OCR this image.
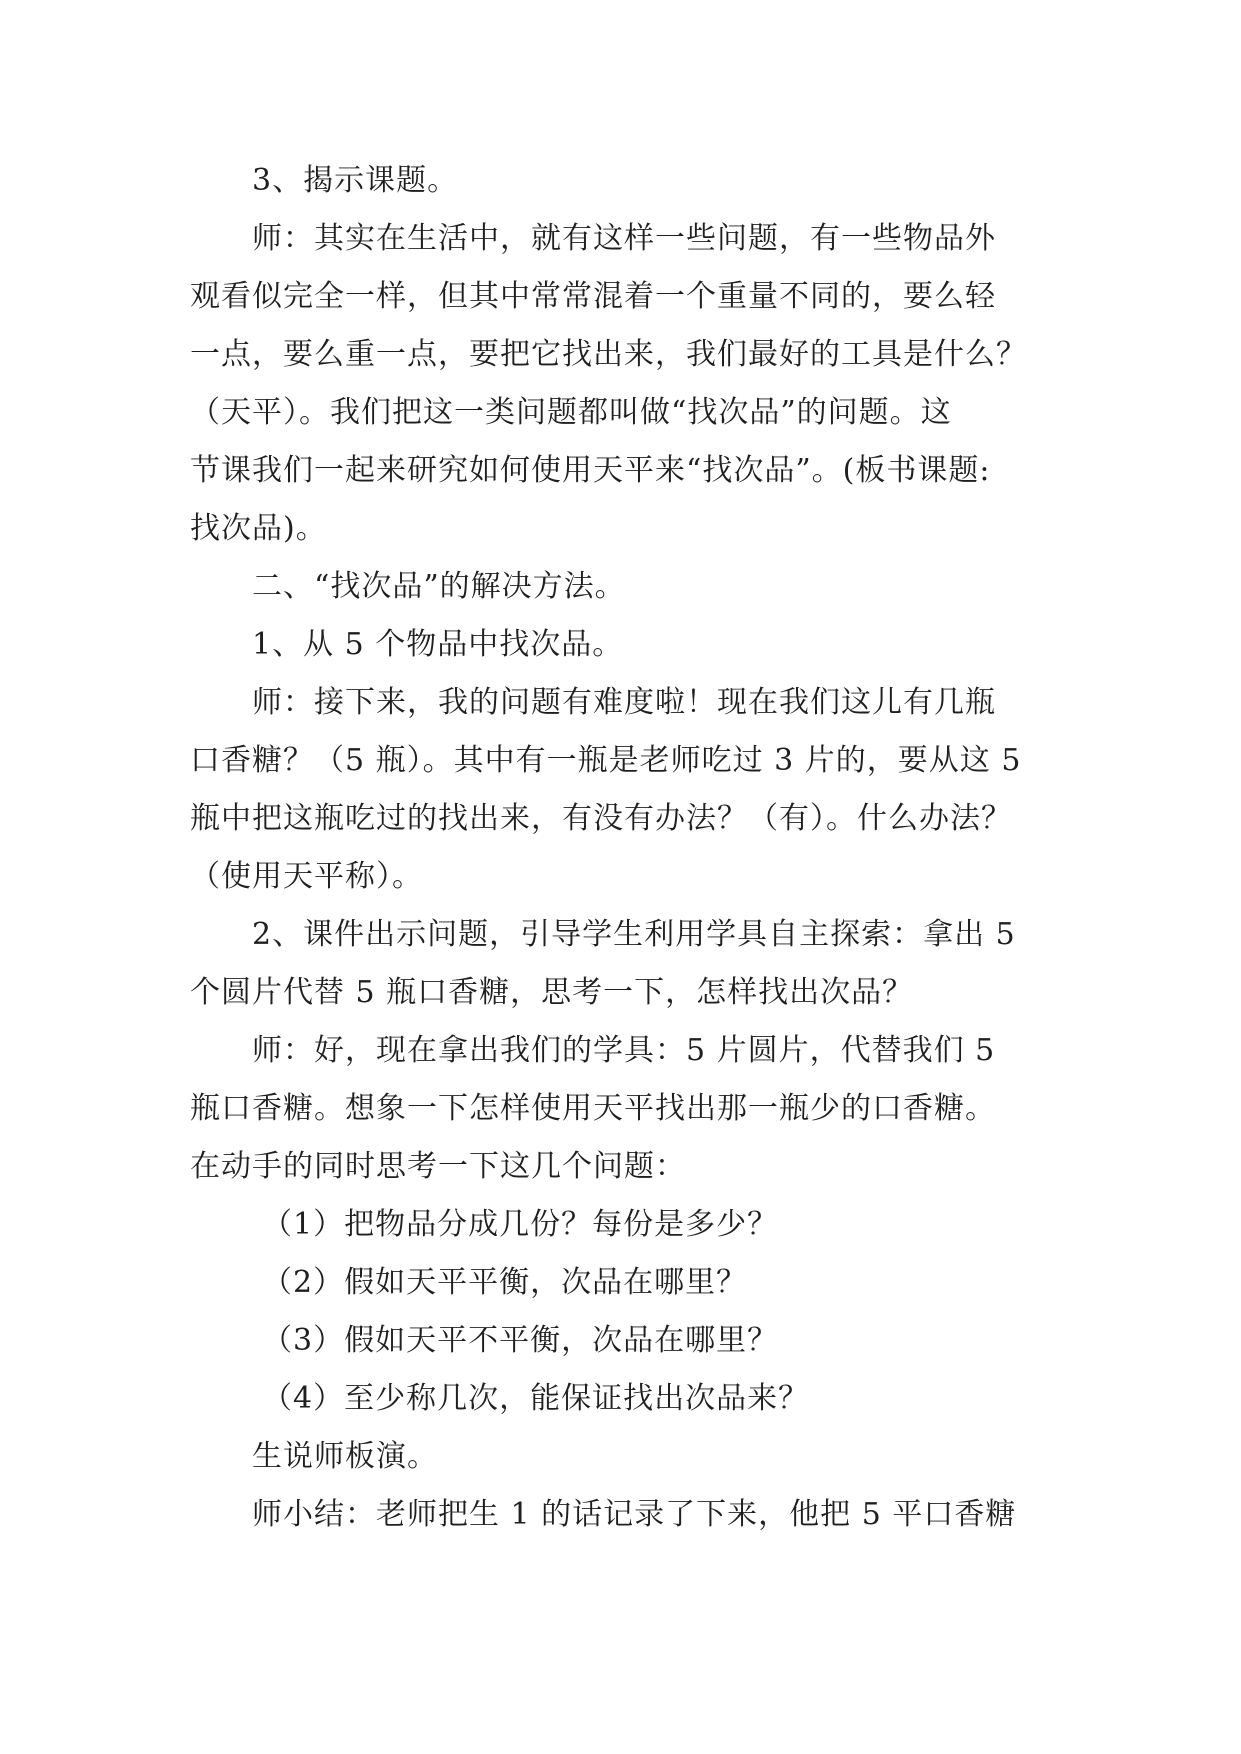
3、揭示课题。
师：其实在生活中，就有这样一些问题，有一些物品外
观看似完全一样，但其中常常混着一个重量不同的，要么轻
一点，要么重一点，要把它找出来，我们最好的工具是什么？
（天平）。我们把这一类问题都叫做“找次品”的问题。这
节课我们一起来研究如何使用天平来“找次品”。(板书课题:
找次品)。
二、“找次品”的解决方法。
1、从 5 个物品中找次品。
师：接下来，我的问题有难度啦！现在我们这儿有几瓶
口香糖？（5 瓶）。其中有一瓶是老师吃过 3 片的，要从这 5
瓶中把这瓶吃过的找出来，有没有办法？（有）。什么办法？
（使用天平称）。
2、课件出示问题，引导学生利用学具自主探索：拿出 5
个圆片代替 5 瓶口香糖，思考一下，怎样找出次品？
师：好，现在拿出我们的学具：5 片圆片，代替我们 5
瓶口香糖。想象一下怎样使用天平找出那一瓶少的口香糖。
在动手的同时思考一下这几个问题：
（1）把物品分成几份？每份是多少？
（2）假如天平平衡，次品在哪里？
（3）假如天平不平衡，次品在哪里？
（4）至少称几次，能保证找出次品来？
生说师板演。
师小结：老师把生 1 的话记录了下来，他把 5 平口香糖
